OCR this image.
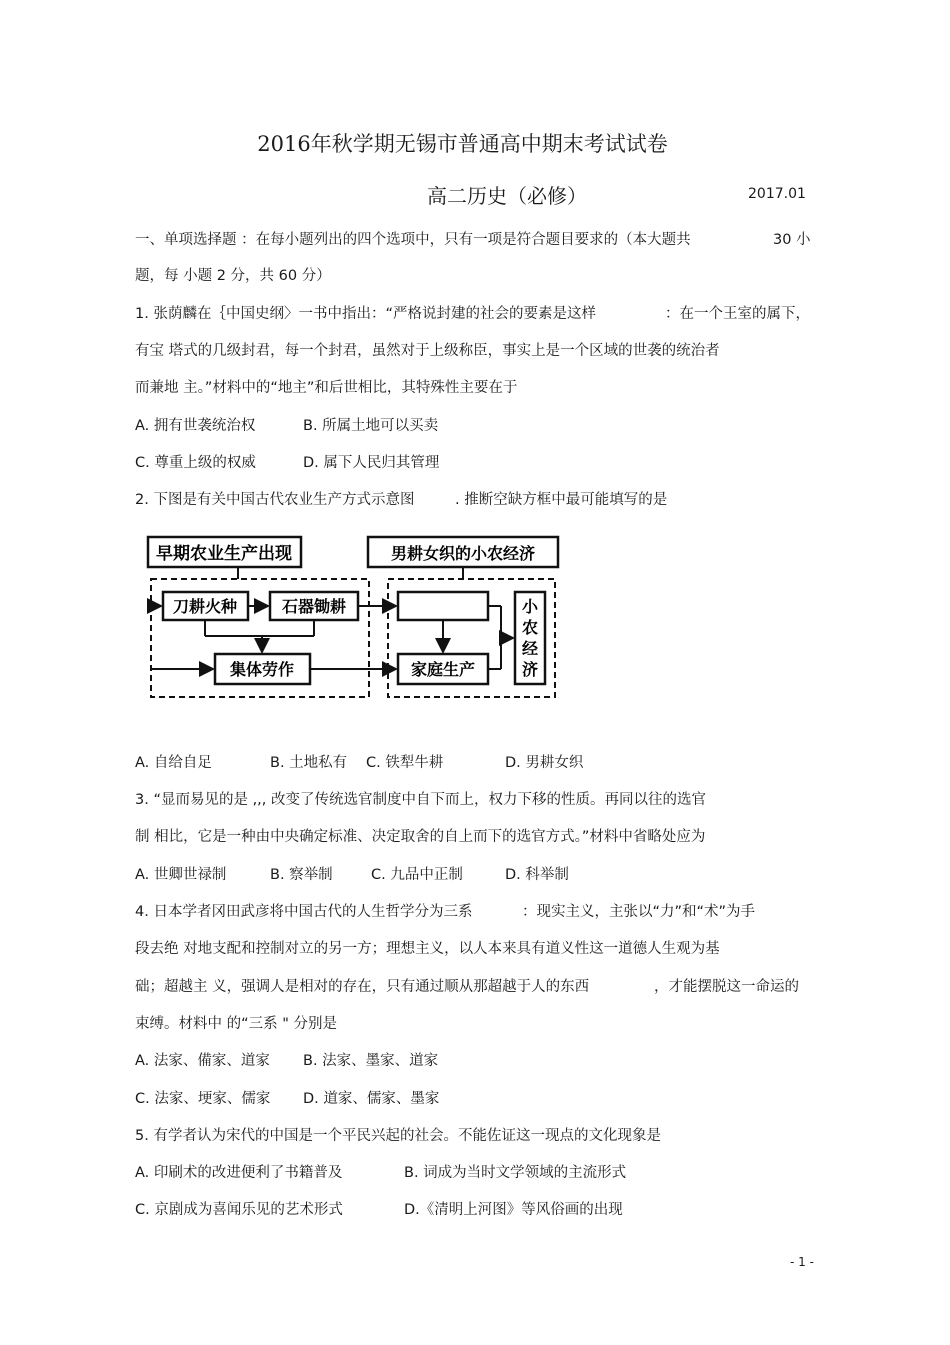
2016年秋学期无锡市普通高中期末考试试卷
高二历史（必修）	2017.01
一、单项选择题 ：在每小题列出的四个选项中，只有一项是符合题目要求的（本大题共	30 小
题，每 小题 2 分，共 60 分）
1. 张荫麟在｛中国史纲〉一书中指出：“严格说封建的社会的要素是这样	：在一个王室的属下，
有宝 塔式的几级封君，每一个封君，虽然对于上级称臣，事实上是一个区域的世袭的统治者
而兼地 主。”材料中的“地主”和后世相比，其特殊性主要在于
A. 拥有世袭统治权	B. 所属土地可以买卖
C. 尊重上级的权威	D. 属下人民归其管理
2. 下图是有关中国古代农业生产方式示意图	. 推断空缺方框中最可能填写的是
早期农业生产出现	男耕女织的小农经济
刀耕火种	石器锄耕
集体劳作	家庭生产
小
农
经
济
A. 自给自足	B. 土地私有 C. 铁犁牛耕	D. 男耕女织
3. “显而易见的是 ,,, 改变了传统选官制度中自下而上，权力下移的性质。再同以往的选官
制 相比，它是一种由中央确定标准、决定取舍的自上而下的选官方式。”材料中省略处应为
A. 世卿世禄制	B. 察举制	C. 九品中正制	D. 科举制
4. 日本学者冈田武彦将中国古代的人生哲学分为三系	：现实主义，主张以“力”和“术”为手
段去绝 对地支配和控制对立的另一方；理想主义，以人本来具有道义性这一道德人生观为基
础；超越主 义，强调人是相对的存在，只有通过顺从那超越于人的东西	，才能摆脱这一命运的
束缚。材料中 的“三系 " 分别是
A. 法家、備家、道家 B. 法家、墨家、道家
C. 法家、埂家、儒家 D. 道家、儒家、墨家
5. 有学者认为宋代的中国是一个平民兴起的社会。不能佐证这一现点的文化现象是
A. 印刷术的改进便利了书籍普及	B. 词成为当时文学领域的主流形式
C. 京剧成为喜闻乐见的艺术形式	D.《清明上河图》等风俗画的出现
- 1 -
